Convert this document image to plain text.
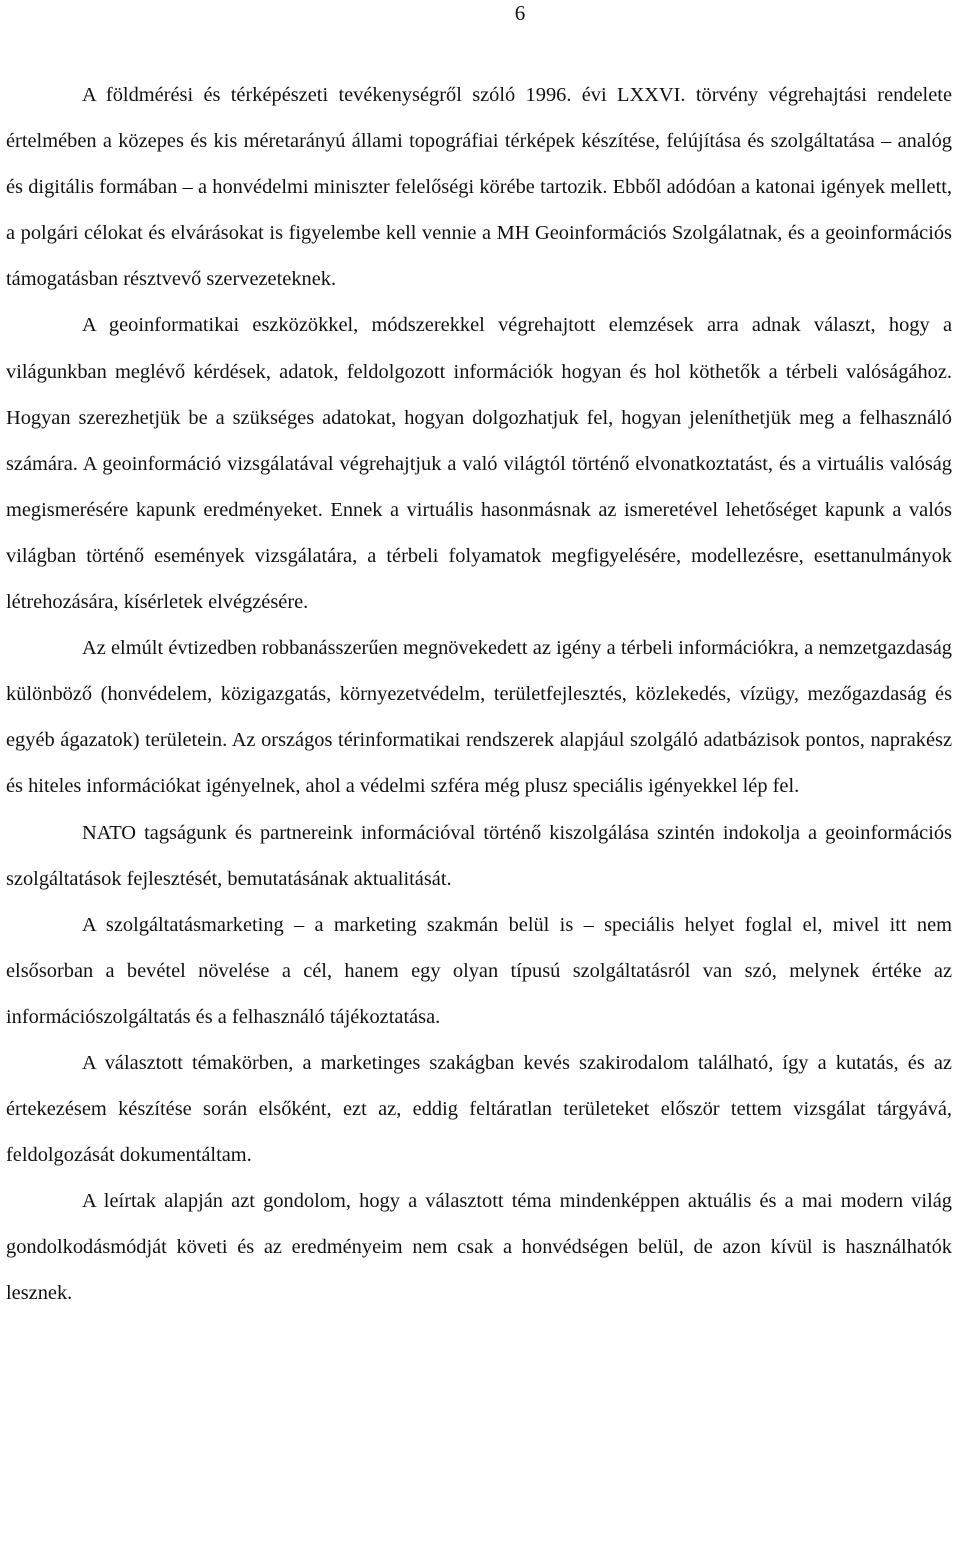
6

A földmérési és térképészeti tevékenységről szóló 1996. évi LXXVI. törvény végrehajtási rendelete értelmében a közepes és kis méretarányú állami topográfiai térképek készítése, felújítása és szolgáltatása – analóg és digitális formában – a honvédelmi miniszter felelőségi körébe tartozik. Ebből adódóan a katonai igények mellett, a polgári célokat és elvárásokat is figyelembe kell vennie a MH Geoinformációs Szolgálatnak, és a geoinformációs támogatásban résztvevő szervezeteknek.

A geoinformatikai eszközökkel, módszerekkel végrehajtott elemzések arra adnak választ, hogy a világunkban meglévő kérdések, adatok, feldolgozott információk hogyan és hol köthetők a térbeli valóságához. Hogyan szerezhetjük be a szükséges adatokat, hogyan dolgozhatjuk fel, hogyan jeleníthetjük meg a felhasználó számára. A geoinformáció vizsgálatával végrehajtjuk a való világtól történő elvonatkoztatást, és a virtuális valóság megismerésére kapunk eredményeket. Ennek a virtuális hasonmásnak az ismeretével lehetőséget kapunk a valós világban történő események vizsgálatára, a térbeli folyamatok megfigyelésére, modellezésre, esettanulmányok létrehozására, kísérletek elvégzésére.

Az elmúlt évtizedben robbanásszerűen megnövekedett az igény a térbeli információkra, a nemzetgazdaság különböző (honvédelem, közigazgatás, környezetvédelm, területfejlesztés, közlekedés, vízügy, mezőgazdaság és egyéb ágazatok) területein. Az országos térinformatikai rendszerek alapjául szolgáló adatbázisok pontos, naprakész és hiteles információkat igényelnek, ahol a védelmi szféra még plusz speciális igényekkel lép fel.

NATO tagságunk és partnereink információval történő kiszolgálása szintén indokolja a geoinformációs szolgáltatások fejlesztését, bemutatásának aktualitását.

A szolgáltatásmarketing – a marketing szakmán belül is – speciális helyet foglal el, mivel itt nem elsősorban a bevétel növelése a cél, hanem egy olyan típusú szolgáltatásról van szó, melynek értéke az információszolgáltatás és a felhasználó tájékoztatása.

A választott témakörben, a marketinges szakágban kevés szakirodalom található, így a kutatás, és az értekezésem készítése során elsőként, ezt az, eddig feltáratlan területeket először tettem vizsgálat tárgyává, feldolgozását dokumentáltam.

A leírtak alapján azt gondolom, hogy a választott téma mindenképpen aktuális és a mai modern világ gondolkodásmódját követi és az eredményeim nem csak a honvédségen belül, de azon kívül is használhatók lesznek.
